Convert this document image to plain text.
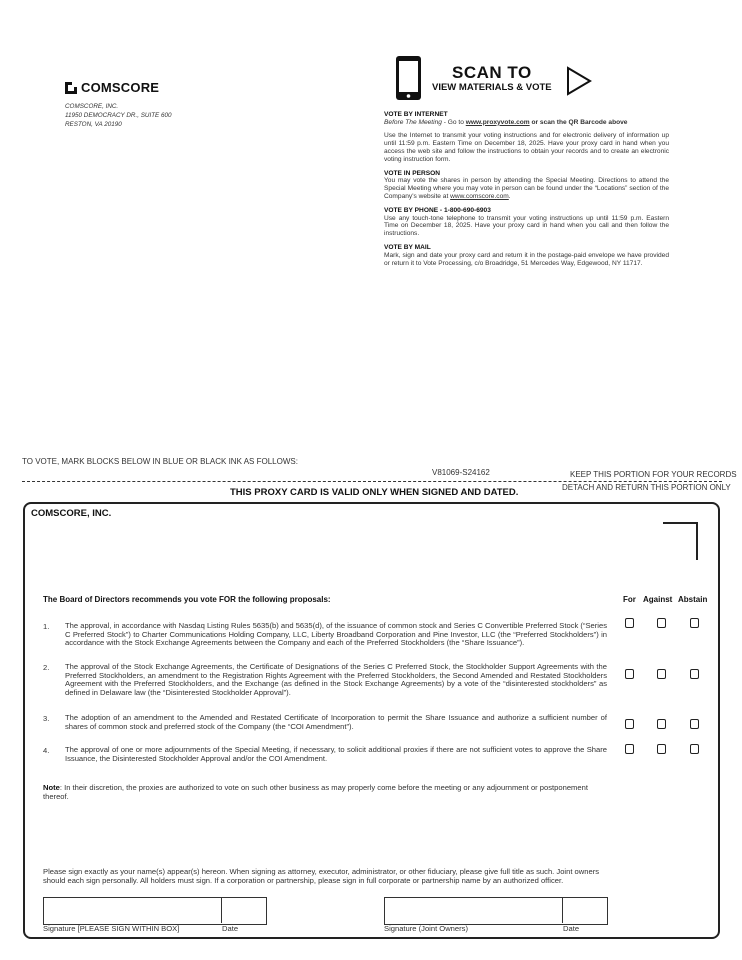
COMSCORE
COMSCORE, INC.
11950 DEMOCRACY DR., SUITE 600
RESTON, VA 20190
SCAN TO
VIEW MATERIALS & VOTE
VOTE BY INTERNET

Before The Meeting - Go to www.proxyvote.com or scan the QR Barcode above

Use the Internet to transmit your voting instructions and for electronic delivery of information up until 11:59 p.m. Eastern Time on December 18, 2025. Have your proxy card in hand when you access the web site and follow the instructions to obtain your records and to create an electronic voting instruction form.

VOTE IN PERSON

You may vote the shares in person by attending the Special Meeting. Directions to attend the Special Meeting where you may vote in person can be found under the “Locations” section of the Company's website at www.comscore.com.

VOTE BY PHONE - 1-800-690-6903

Use any touch-tone telephone to transmit your voting instructions up until 11:59 p.m. Eastern Time on December 18, 2025. Have your proxy card in hand when you call and then follow the instructions.

VOTE BY MAIL

Mark, sign and date your proxy card and return it in the postage-paid envelope we have provided or return it to Vote Processing, c/o Broadridge, 51 Mercedes Way, Edgewood, NY 11717.

TO VOTE, MARK BLOCKS BELOW IN BLUE OR BLACK INK AS FOLLOWS:
V81069-S24162	KEEP THIS PORTION FOR YOUR RECORDS
DETACH AND RETURN THIS PORTION ONLY
THIS PROXY CARD IS VALID ONLY WHEN SIGNED AND DATED.
COMSCORE, INC.
The Board of Directors recommends you vote FOR the following proposals:	For Against Abstain
1. The approval, in accordance with Nasdaq Listing Rules 5635(b) and 5635(d), of the issuance of common stock and Series C Convertible Preferred Stock (“Series C Preferred Stock”) to Charter Communications Holding Company, LLC, Liberty Broadband Corporation and Pine Investor, LLC (the “Preferred Stockholders”) in accordance with the Stock Exchange Agreements between the Company and each of the Preferred Stockholders (the “Share Issuance”).
2. The approval of the Stock Exchange Agreements, the Certificate of Designations of the Series C Preferred Stock, the Stockholder Support Agreements with the Preferred Stockholders, an amendment to the Registration Rights Agreement with the Preferred Stockholders, the Second Amended and Restated Stockholders Agreement with the Preferred Stockholders, and the Exchange (as defined in the Stock Exchange Agreements) by a vote of the “disinterested stockholders” as defined in Delaware law (the “Disinterested Stockholder Approval”).
3. The adoption of an amendment to the Amended and Restated Certificate of Incorporation to permit the Share Issuance and authorize a sufficient number of shares of common stock and preferred stock of the Company (the “COI Amendment”).
4. The approval of one or more adjournments of the Special Meeting, if necessary, to solicit additional proxies if there are not sufficient votes to approve the Share Issuance, the Disinterested Stockholder Approval and/or the COI Amendment.
Note: In their discretion, the proxies are authorized to vote on such other business as may properly come before the meeting or any adjournment or postponement thereof.
Please sign exactly as your name(s) appear(s) hereon. When signing as attorney, executor, administrator, or other fiduciary, please give full title as such. Joint owners should each sign personally. All holders must sign. If a corporation or partnership, please sign in full corporate or partnership name by an authorized officer.
Signature [PLEASE SIGN WITHIN BOX]	Date	Signature (Joint Owners)	Date
